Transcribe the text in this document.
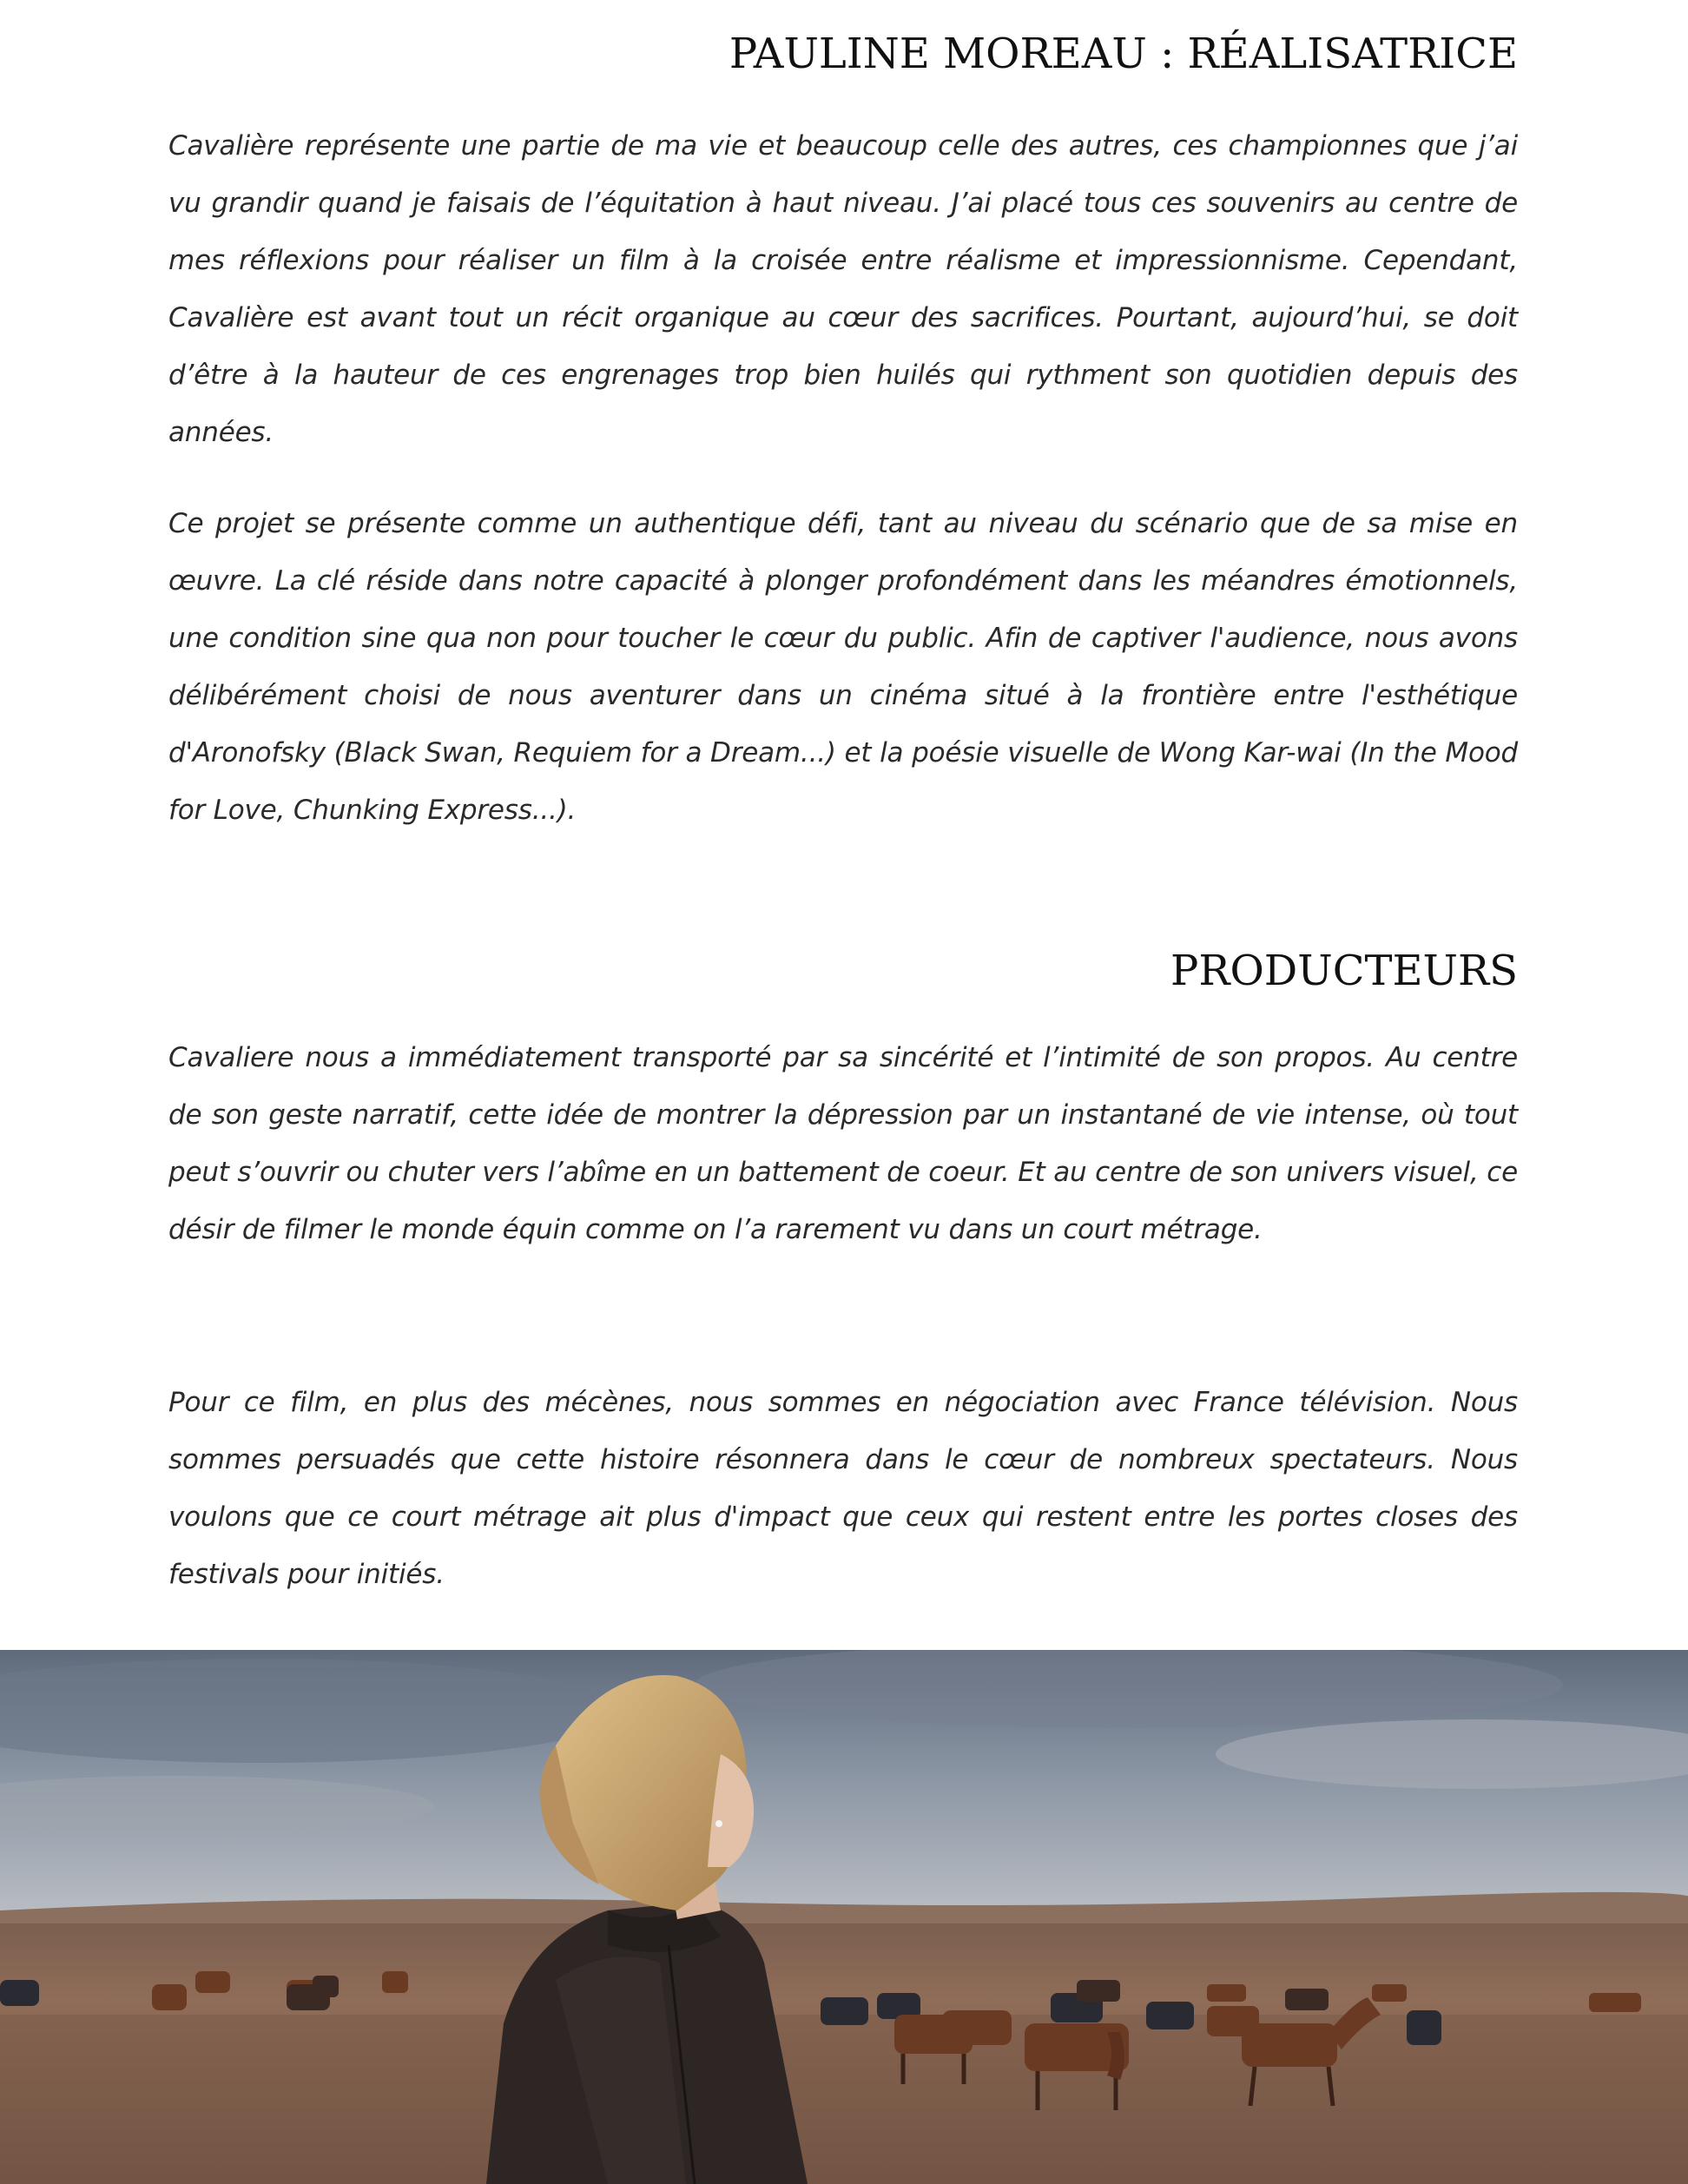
PAULINE MOREAU : RÉALISATRICE

Cavalière représente une partie de ma vie et beaucoup celle des autres, ces championnes que j’ai vu grandir quand je faisais de l’équitation à haut niveau. J’ai placé tous ces souvenirs au centre de mes réflexions pour réaliser un film à la croisée entre réalisme et impressionnisme. Cependant, Cavalière est avant tout un récit organique au cœur des sacrifices. Pourtant, aujourd’hui, se doit d’être à la hauteur de ces engrenages trop bien huilés qui rythment son quotidien depuis des années.

Ce projet se présente comme un authentique défi, tant au niveau du scénario que de sa mise en œuvre. La clé réside dans notre capacité à plonger profondément dans les méandres émotionnels, une condition sine qua non pour toucher le cœur du public. Afin de captiver l'audience, nous avons délibérément choisi de nous aventurer dans un cinéma situé à la frontière entre l'esthétique d'Aronofsky (Black Swan, Requiem for a Dream...) et la poésie visuelle de Wong Kar-wai (In the Mood for Love, Chunking Express...).

PRODUCTEURS

Cavaliere nous a immédiatement transporté par sa sincérité et l’intimité de son propos. Au centre de son geste narratif, cette idée de montrer la dépression par un instantané de vie intense, où tout peut s’ouvrir ou chuter vers l’abîme en un battement de coeur. Et au centre de son univers visuel, ce désir de filmer le monde équin comme on l’a rarement vu dans un court métrage.

Pour ce film, en plus des mécènes, nous sommes en négociation avec France télévision. Nous sommes persuadés que cette histoire résonnera dans le cœur de nombreux spectateurs. Nous voulons que ce court métrage ait plus d'impact que ceux qui restent entre les portes closes des festivals pour initiés.
